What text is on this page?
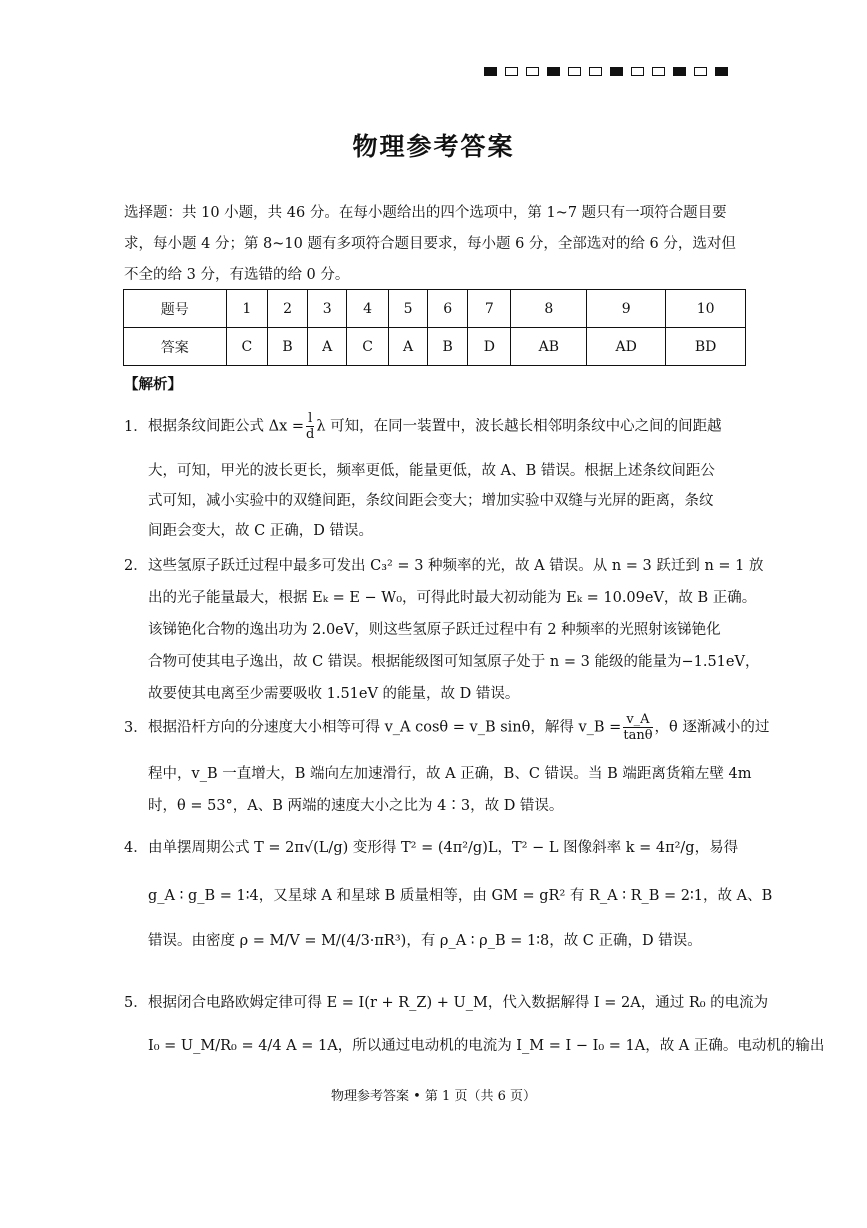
物理参考答案
选择题：共 10 小题，共 46 分。在每小题给出的四个选项中，第 1~7 题只有一项符合题目要求，每小题 4 分；第 8~10 题有多项符合题目要求，每小题 6 分，全部选对的给 6 分，选对但不全的给 3 分，有选错的给 0 分。
题号	1	2	3	4	5	6	7	8	9	10
答案	C	B	A	C	A	B	D	AB	AD	BD
【解析】
1．根据条纹间距公式 $\Delta x = \frac{l}{d}$ λ 可知，在同一装置中，波长越长相邻明条纹中心之间的间距越
大，可知，甲光的波长更长，频率更低，能量更低，故 A、B 错误。根据上述条纹间距公
式可知，减小实验中的双缝间距，条纹间距会变大；增加实验中双缝与光屏的距离，条纹
间距会变大，故 C 正确，D 错误。
2．这些氢原子跃迁过程中最多可发出 C₃² = 3 种频率的光，故 A 错误。从 n = 3 跃迁到 n = 1 放
出的光子能量最大，根据 Eₖ = E − W₀，可得此时最大初动能为 Eₖ = 10.09eV，故 B 正确。
该锑铯化合物的逸出功为 2.0eV，则这些氢原子跃迁过程中有 2 种频率的光照射该锑铯化
合物可使其电子逸出，故 C 错误。根据能级图可知氢原子处于 n = 3 能级的能量为−1.51eV，
故要使其电离至少需要吸收 1.51eV 的能量，故 D 错误。
3．根据沿杆方向的分速度大小相等可得 v_A cosθ = v_B sinθ，解得 v_B = $\frac{v\_A}{\tan\theta}$ ，θ 逐渐减小的过
程中，v_B 一直增大，B 端向左加速滑行，故 A 正确，B、C 错误。当 B 端距离货箱左壁 4m
时，θ = 53°，A、B 两端的速度大小之比为 4∶3，故 D 错误。
4．由单摆周期公式 T = 2π√(L/g) 变形得 T² = (4π²/g)L，T² − L 图像斜率 k = 4π²/g，易得
g_A ∶ g_B = 1∶4，又星球 A 和星球 B 质量相等，由 GM = gR² 有 R_A ∶ R_B = 2∶1，故 A、B
错误。由密度 ρ = M/V = M/(4/3·πR³)，有 ρ_A ∶ ρ_B = 1∶8，故 C 正确，D 错误。
5．根据闭合电路欧姆定律可得 E = I(r + R_Z) + U_M，代入数据解得 I = 2A，通过 R₀ 的电流为
I₀ = U_M/R₀ = 4/4 A = 1A，所以通过电动机的电流为 I_M = I − I₀ = 1A，故 A 正确。电动机的输出
物理参考答案 • 第 1 页（共 6 页）
